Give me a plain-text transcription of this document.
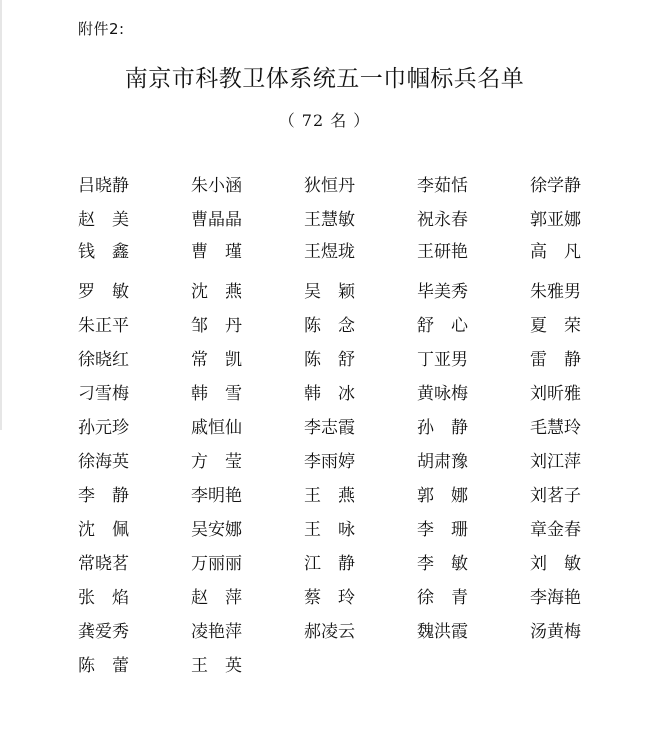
附件2:
南京市科教卫体系统五一巾帼标兵名单
（ 72 名 ）
吕晓静	朱小涵	狄恒丹	李茹恬	徐学静
赵　美	曹晶晶	王慧敏	祝永春	郭亚娜
钱　鑫	曹　瑾	王煜珑	王研艳	高　凡
罗　敏	沈　燕	吴　颖	毕美秀	朱雅男
朱正平	邹　丹	陈　念	舒　心	夏　荣
徐晓红	常　凯	陈　舒	丁亚男	雷　静
刁雪梅	韩　雪	韩　冰	黄咏梅	刘昕雅
孙元珍	戚恒仙	李志霞	孙　静	毛慧玲
徐海英	方　莹	李雨婷	胡肃豫	刘江萍
李　静	李明艳	王　燕	郭　娜	刘茗子
沈　佩	吴安娜	王　咏	李　珊	章金春
常晓茗	万丽丽	江　静	李　敏	刘　敏
张　焰	赵　萍	蔡　玲	徐　青	李海艳
龚爱秀	凌艳萍	郝凌云	魏洪霞	汤黄梅
陈　蕾	王　英
